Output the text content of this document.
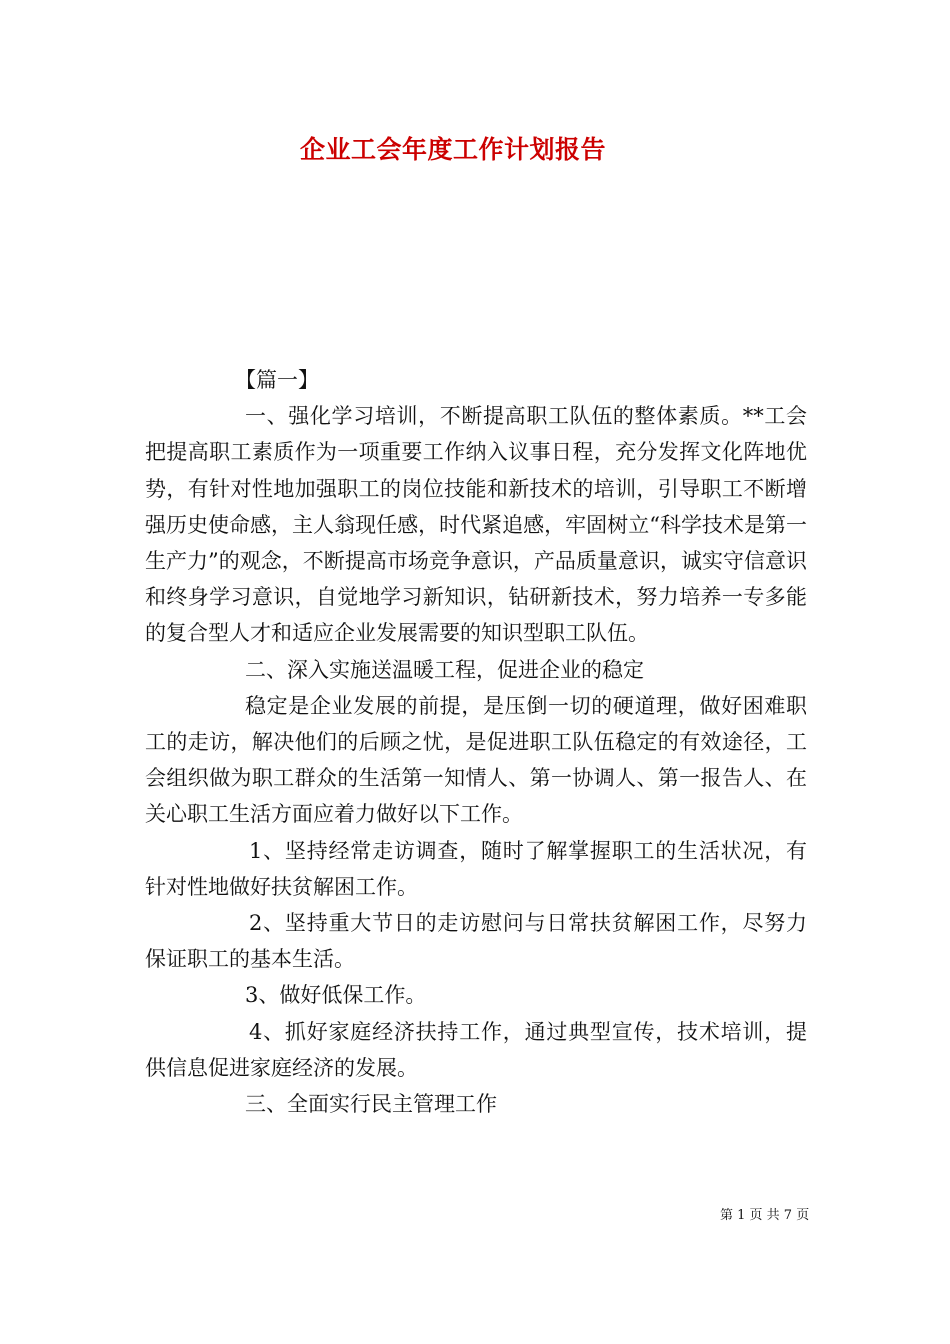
企业工会年度工作计划报告

【篇一】

一、强化学习培训，不断提高职工队伍的整体素质。**工会把提高职工素质作为一项重要工作纳入议事日程，充分发挥文化阵地优势，有针对性地加强职工的岗位技能和新技术的培训，引导职工不断增强历史使命感，主人翁现任感，时代紧追感，牢固树立“科学技术是第一生产力”的观念，不断提高市场竞争意识，产品质量意识，诚实守信意识和终身学习意识，自觉地学习新知识，钻研新技术，努力培养一专多能的复合型人才和适应企业发展需要的知识型职工队伍。

二、深入实施送温暖工程，促进企业的稳定

稳定是企业发展的前提，是压倒一切的硬道理，做好困难职工的走访，解决他们的后顾之忧，是促进职工队伍稳定的有效途径，工会组织做为职工群众的生活第一知情人、第一协调人、第一报告人、在关心职工生活方面应着力做好以下工作。

1、坚持经常走访调查，随时了解掌握职工的生活状况，有针对性地做好扶贫解困工作。

2、坚持重大节日的走访慰问与日常扶贫解困工作，尽努力保证职工的基本生活。

3、做好低保工作。

4、抓好家庭经济扶持工作，通过典型宣传，技术培训，提供信息促进家庭经济的发展。

三、全面实行民主管理工作

第 1 页 共 7 页
